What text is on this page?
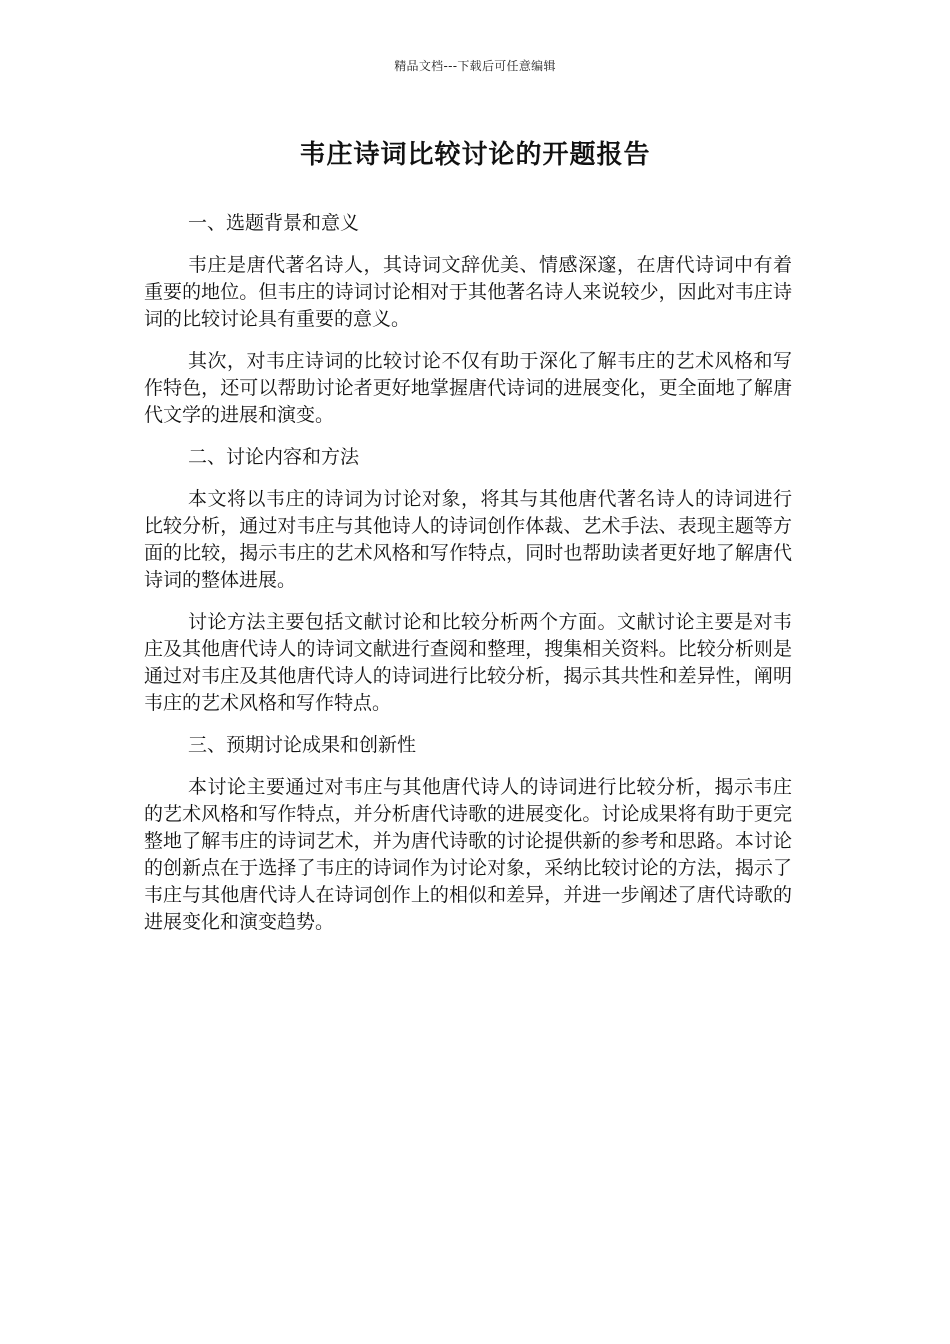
精品文档---下载后可任意编辑
韦庄诗词比较讨论的开题报告
一、选题背景和意义

韦庄是唐代著名诗人，其诗词文辞优美、情感深邃，在唐代诗词中有着重要的地位。但韦庄的诗词讨论相对于其他著名诗人来说较少，因此对韦庄诗词的比较讨论具有重要的意义。

其次，对韦庄诗词的比较讨论不仅有助于深化了解韦庄的艺术风格和写作特色，还可以帮助讨论者更好地掌握唐代诗词的进展变化，更全面地了解唐代文学的进展和演变。

二、讨论内容和方法

本文将以韦庄的诗词为讨论对象，将其与其他唐代著名诗人的诗词进行比较分析，通过对韦庄与其他诗人的诗词创作体裁、艺术手法、表现主题等方面的比较，揭示韦庄的艺术风格和写作特点，同时也帮助读者更好地了解唐代诗词的整体进展。

讨论方法主要包括文献讨论和比较分析两个方面。文献讨论主要是对韦庄及其他唐代诗人的诗词文献进行查阅和整理，搜集相关资料。比较分析则是通过对韦庄及其他唐代诗人的诗词进行比较分析，揭示其共性和差异性，阐明韦庄的艺术风格和写作特点。

三、预期讨论成果和创新性

本讨论主要通过对韦庄与其他唐代诗人的诗词进行比较分析，揭示韦庄的艺术风格和写作特点，并分析唐代诗歌的进展变化。讨论成果将有助于更完整地了解韦庄的诗词艺术，并为唐代诗歌的讨论提供新的参考和思路。本讨论的创新点在于选择了韦庄的诗词作为讨论对象，采纳比较讨论的方法，揭示了韦庄与其他唐代诗人在诗词创作上的相似和差异，并进一步阐述了唐代诗歌的进展变化和演变趋势。
